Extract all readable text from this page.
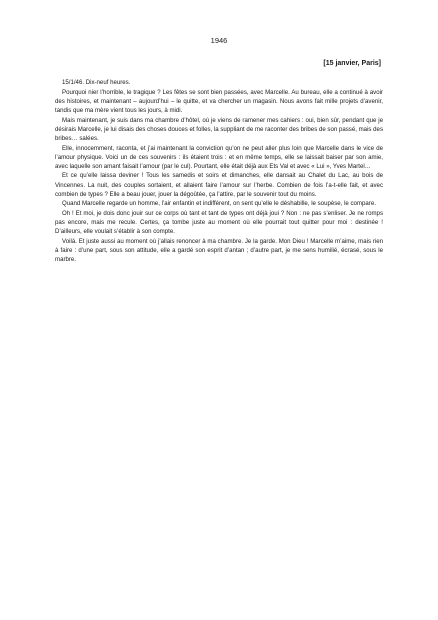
1946
[15 janvier, Paris]

15/1/46. Dix-neuf heures.

Pourquoi nier l’horrible, le tragique ? Les fêtes se sont bien passées, avec Marcelle. Au bureau, elle a continué à avoir des histoires, et maintenant – aujourd’hui – le quitte, et va chercher un magasin. Nous avons fait mille projets d’avenir, tandis que ma mère vient tous les jours, à midi.

Mais maintenant, je suis dans ma chambre d’hôtel, où je viens de ramener mes cahiers : oui, bien sûr, pendant que je désirais Marcelle, je lui disais des choses douces et folles, la suppliant de me raconter des bribes de son passé, mais des bribes… salées.

Elle, innocemment, raconta, et j’ai maintenant la conviction qu’on ne peut aller plus loin que Marcelle dans le vice de l’amour physique. Voici un de ces souvenirs : ils étaient trois : et en même temps, elle se laissait baiser par son amie, avec laquelle son amant faisait l’amour (par le cul). Pourtant, elle était déjà aux Ets Val et avec « Lui », Yves Martel…

Et ce qu’elle laissa deviner ! Tous les samedis et soirs et dimanches, elle dansait au Chalet du Lac, au bois de Vincennes. La nuit, des couples sortaient, et allaient faire l’amour sur l’herbe. Combien de fois l’a-t-elle fait, et avec combien de types ? Elle a beau jouer, jouer la dégoûtée, ça l’attire, par le souvenir tout du moins.

Quand Marcelle regarde un homme, l’air enfantin et indifférent, on sent qu’elle le déshabille, le soupèse, le compare.

Oh ! Et moi, je dois donc jouir sur ce corps où tant et tant de types ont déjà joui ? Non : ne pas s’enliser. Je ne romps pas encore, mais me recule. Certes, ça tombe juste au moment où elle pourrait tout quitter pour moi : destinée ! D’ailleurs, elle voulait s’établir à son compte.

Voilà. Et juste aussi au moment où j’allais renoncer à ma chambre. Je la garde. Mon Dieu ! Marcelle m’aime, mais rien à faire : d’une part, sous son attitude, elle a gardé son esprit d’antan ; d’autre part, je me sens humilié, écrasé, sous le marbre.
